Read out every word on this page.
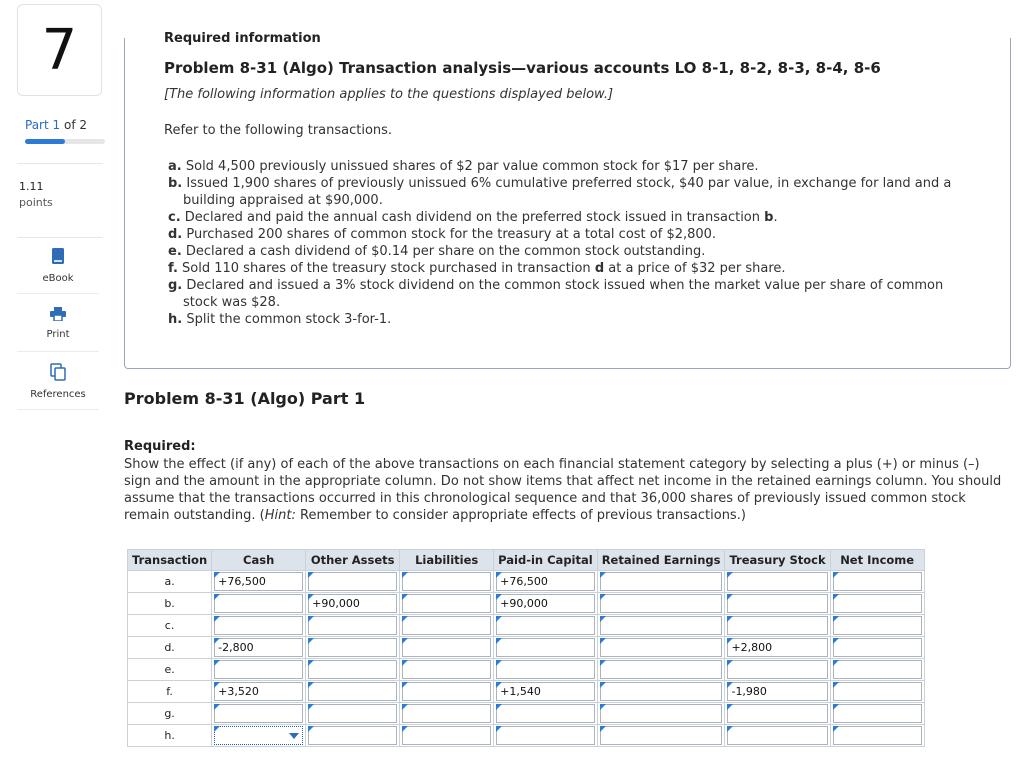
7
Part 1 of 2
1.11
points
eBook
Print
References
Required information
Problem 8-31 (Algo) Transaction analysis—various accounts LO 8-1, 8-2, 8-3, 8-4, 8-6
[The following information applies to the questions displayed below.]
Refer to the following transactions.
a. Sold 4,500 previously unissued shares of $2 par value common stock for $17 per share.
b. Issued 1,900 shares of previously unissued 6% cumulative preferred stock, $40 par value, in exchange for land and a building appraised at $90,000.
c. Declared and paid the annual cash dividend on the preferred stock issued in transaction b.
d. Purchased 200 shares of common stock for the treasury at a total cost of $2,800.
e. Declared a cash dividend of $0.14 per share on the common stock outstanding.
f. Sold 110 shares of the treasury stock purchased in transaction d at a price of $32 per share.
g. Declared and issued a 3% stock dividend on the common stock issued when the market value per share of common stock was $28.
h. Split the common stock 3-for-1.
Problem 8-31 (Algo) Part 1
Required:
Show the effect (if any) of each of the above transactions on each financial statement category by selecting a plus (+) or minus (–) sign and the amount in the appropriate column. Do not show items that affect net income in the retained earnings column. You should assume that the transactions occurred in this chronological sequence and that 36,000 shares of previously issued common stock remain outstanding. (Hint: Remember to consider appropriate effects of previous transactions.)
Transaction	Cash	Other Assets	Liabilities	Paid-in Capital	Retained Earnings	Treasury Stock	Net Income
a.	+76,500			+76,500			

b.		+90,000		+90,000			

c.	

d.	-2,800					+2,800	

e.	

f.	+3,520			+1,540		-1,980	

g.	

h.	
